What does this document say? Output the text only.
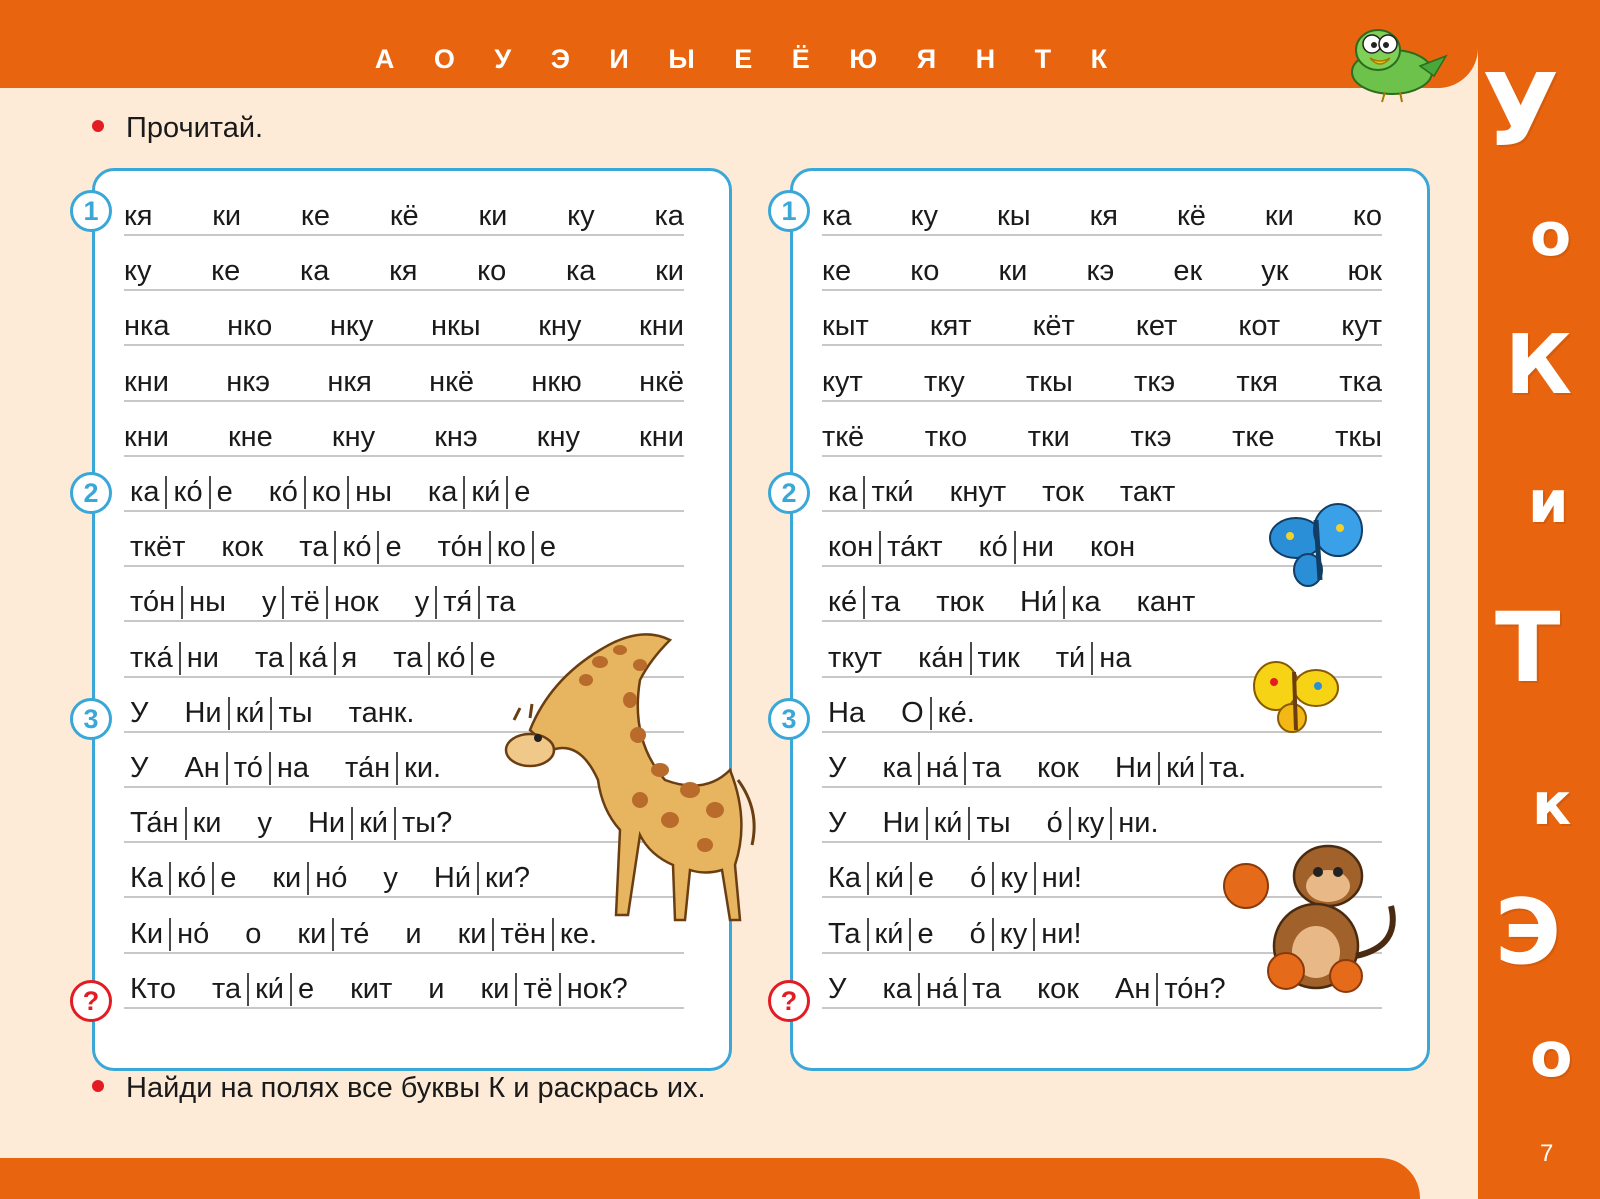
А О У Э И Ы Е Ё Ю Я Н Т К	У
о
К
и
Т
к
Э
о
7
Прочитай.
Найди на полях все буквы К и раскрась их.
кя ки ке кё ки ку ка
ку ке ка кя ко ка ки
нка нко нку нкы кну кни
кни нкэ нкя нкё нкю нкё
кни кне кну кнэ кну кни
ка ко́ е ко́ ко ны ка ки́ е
ткёт кок та ко́ е то́н ко е
то́н ны у тё нок у тя́ та
тка́ ни та ка́ я та ко́ е
У Ни ки́ ты танк.
У Ан то́ на та́н ки.
Та́н ки у Ни ки́ ты?
Ка ко́ е ки но́ у Ни́ ки?
Ки но́ о ки те́ и ки тён ке.
Кто та ки́ е кит и ки тё нок?
ка ку кы кя кё ки ко
ке ко ки кэ ек ук юк
кыт кят кёт кет кот кут
кут тку ткы ткэ ткя тка
ткё тко тки ткэ тке ткы
ка тки́ кнут ток такт
кон та́кт ко́ ни кон
ке́ та тюк Ни́ ка кант
ткут ка́н тик ти́ на
На О ке́.
У ка на́ та кок Ни ки́ та.
У Ни ки́ ты о́ ку ни.
Ка ки́ е о́ ку ни!
Та ки́ е о́ ку ни!
У ка на́ та кок Ан то́н?
1
2
3
?
1
2
3
?
